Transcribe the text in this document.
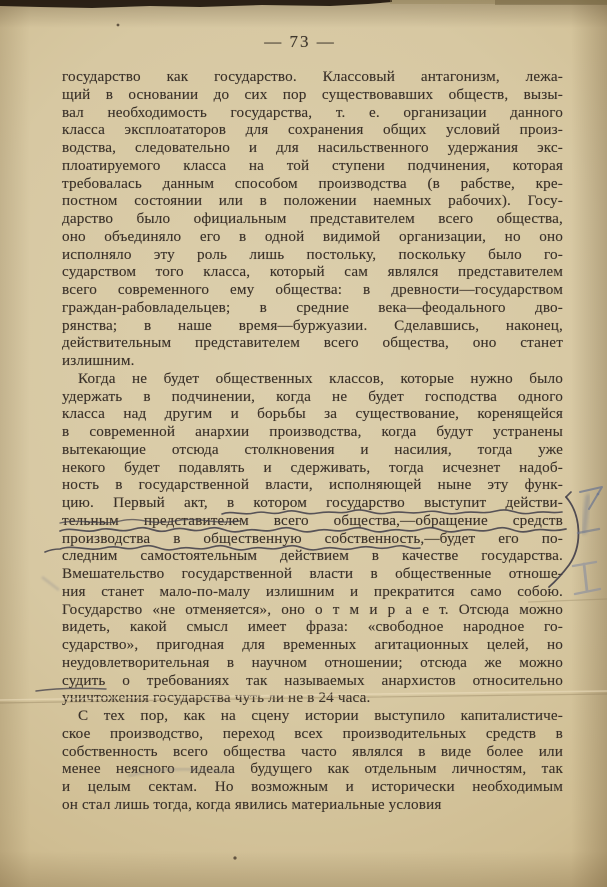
— 73 —
государство как государство. Классовый антагонизм, лежа-
щий в основании до сих пор существовавших обществ, вызы-
вал необходимость государства, т. е. организации данного
класса эксплоататоров для сохранения общих условий произ-
водства, следовательно и для насильственного удержания экс-
плоатируемого класса на той ступени подчинения, которая
требовалась данным способом производства (в рабстве, кре-
постном состоянии или в положении наемных рабочих). Госу-
дарство было официальным представителем всего общества,
оно объединяло его в одной видимой организации, но оно
исполняло эту роль лишь постольку, поскольку было го-
сударством того класса, который сам являлся представителем
всего современного ему общества: в древности—государством
граждан-рабовладельцев; в средние века—феодального дво-
рянства; в наше время—буржуазии. Сделавшись, наконец,
действительным представителем всего общества, оно станет
излишним.
Когда не будет общественных классов, которые нужно было
удержать в подчинении, когда не будет господства одного
класса над другим и борьбы за существование, коренящейся
в современной анархии производства, когда будут устранены
вытекающие отсюда столкновения и насилия, тогда уже
некого будет подавлять и сдерживать, тогда исчезнет надоб-
ность в государственной власти, исполняющей ныне эту функ-
цию. Первый акт, в котором государство выступит действи-
тельным представителем всего общества,—обращение средств
производства в общественную собственность,—будет его по-
следним самостоятельным действием в качестве государства.
Вмешательство государственной власти в общественные отноше-
ния станет мало-по-малу излишним и прекратится само собою.
Государство «не отменяется», оно о т м и р а е т. Отсюда можно
видеть, какой смысл имеет фраза: «свободное народное го-
сударство», пригодная для временных агитационных целей, но
неудовлетворительная в научном отношении; отсюда же можно
судить о требованиях так называемых анархистов относительно
уничтожения государства чуть ли не в 24 часа.
С тех пор, как на сцену истории выступило капиталистиче-
ское производство, переход всех производительных средств в
собственность всего общества часто являлся в виде более или
менее неясного идеала будущего как отдельным личностям, так
и целым сектам. Но возможным и исторически необходимым
он стал лишь тогда, когда явились материальные условия
